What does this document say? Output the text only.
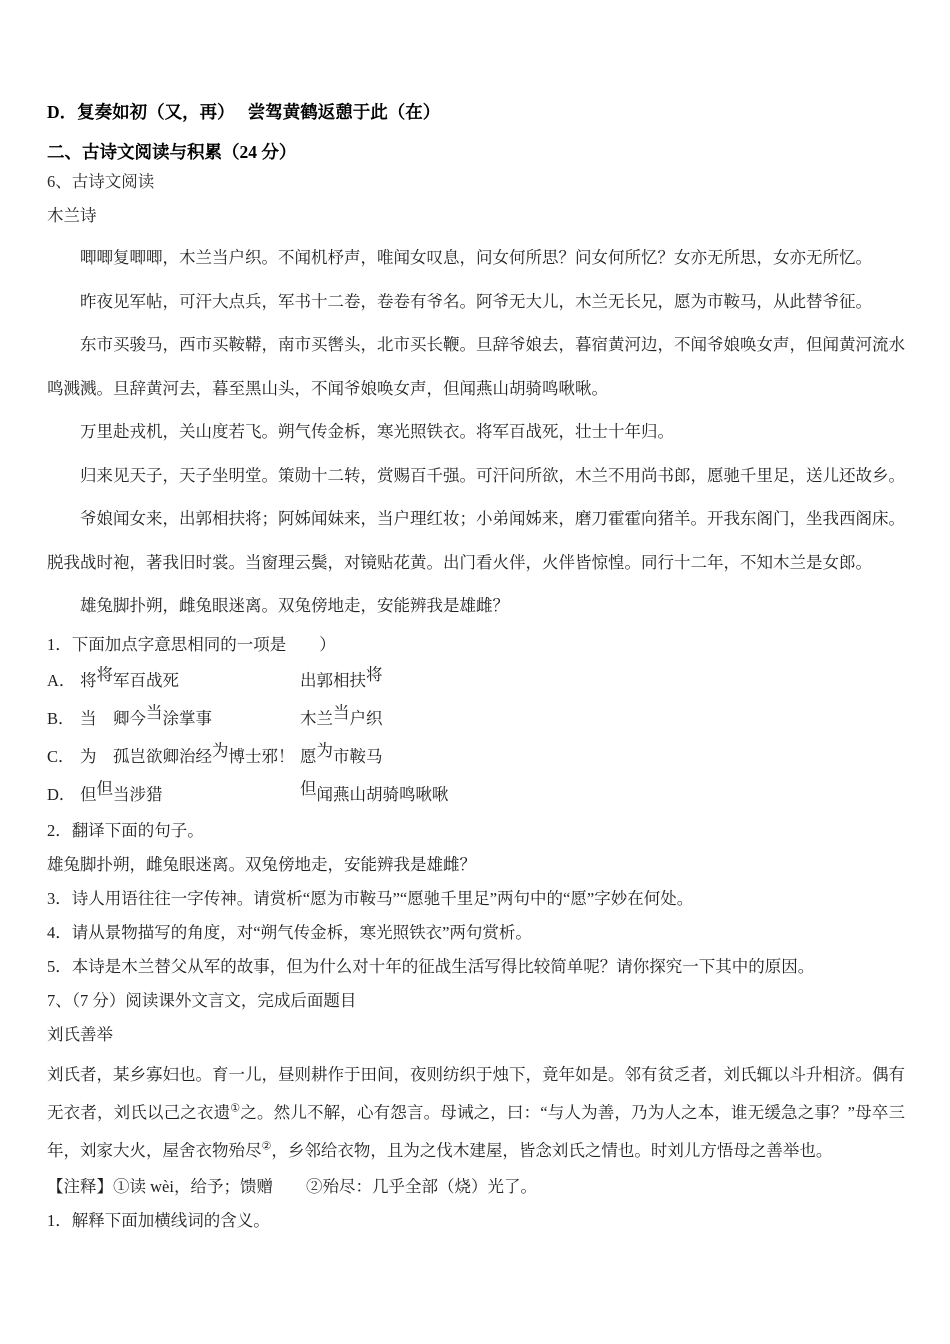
D．复奏如初（又，再）　 尝驾黄鹤返憩于此（在）
二、古诗文阅读与积累（24 分）
6、古诗文阅读
木兰诗

唧唧复唧唧，木兰当户织。不闻机杼声，唯闻女叹息，问女何所思？问女何所忆？女亦无所思，女亦无所忆。

昨夜见军帖，可汗大点兵，军书十二卷，卷卷有爷名。阿爷无大儿，木兰无长兄，愿为市鞍马，从此替爷征。

东市买骏马，西市买鞍鞯，南市买辔头，北市买长鞭。旦辞爷娘去，暮宿黄河边，不闻爷娘唤女声，但闻黄河流水鸣溅溅。旦辞黄河去，暮至黑山头，不闻爷娘唤女声，但闻燕山胡骑鸣啾啾。

万里赴戎机，关山度若飞。朔气传金柝，寒光照铁衣。将军百战死，壮士十年归。

归来见天子，天子坐明堂。策勋十二转，赏赐百千强。可汗问所欲，木兰不用尚书郎，愿驰千里足，送儿还故乡。

爷娘闻女来，出郭相扶将；阿姊闻妹来，当户理红妆；小弟闻姊来，磨刀霍霍向猪羊。开我东阁门，坐我西阁床。脱我战时袍，著我旧时裳。当窗理云鬓，对镜贴花黄。出门看火伴，火伴皆惊惶。同行十二年，不知木兰是女郎。

雄兔脚扑朔，雌兔眼迷离。双兔傍地走，安能辨我是雄雌？

1．下面加点字意思相同的一项是　　）
A． 将将军百战死	出郭相扶将
B． 当　卿今当涂掌事	木兰当户织
C． 为　孤岂欲卿治经为博士邪！ 愿为市鞍马
D． 但但当涉猎	但闻燕山胡骑鸣啾啾
2．翻译下面的句子。
雄兔脚扑朔，雌兔眼迷离。双兔傍地走，安能辨我是雄雌？
3．诗人用语往往一字传神。请赏析“愿为市鞍马”“愿驰千里足”两句中的“愿”字妙在何处。
4．请从景物描写的角度，对“朔气传金柝，寒光照铁衣”两句赏析。
5．本诗是木兰替父从军的故事，但为什么对十年的征战生活写得比较简单呢？请你探究一下其中的原因。
7、（7 分）阅读课外文言文，完成后面题目
刘氏善举
刘氏者，某乡寡妇也。育一儿，昼则耕作于田间，夜则纺织于烛下，竟年如是。邻有贫乏者，刘氏辄以斗升相济。偶有无衣者，刘氏以己之衣遗①之。然儿不解，心有怨言。母诫之，曰：“与人为善，乃为人之本，谁无缓急之事？”母卒三年，刘家大火，屋舍衣物殆尽②，乡邻给衣物，且为之伐木建屋，皆念刘氏之情也。时刘儿方悟母之善举也。
【注释】①读 wèi，给予；馈赠　　②殆尽：几乎全部（烧）光了。
1．解释下面加横线词的含义。
